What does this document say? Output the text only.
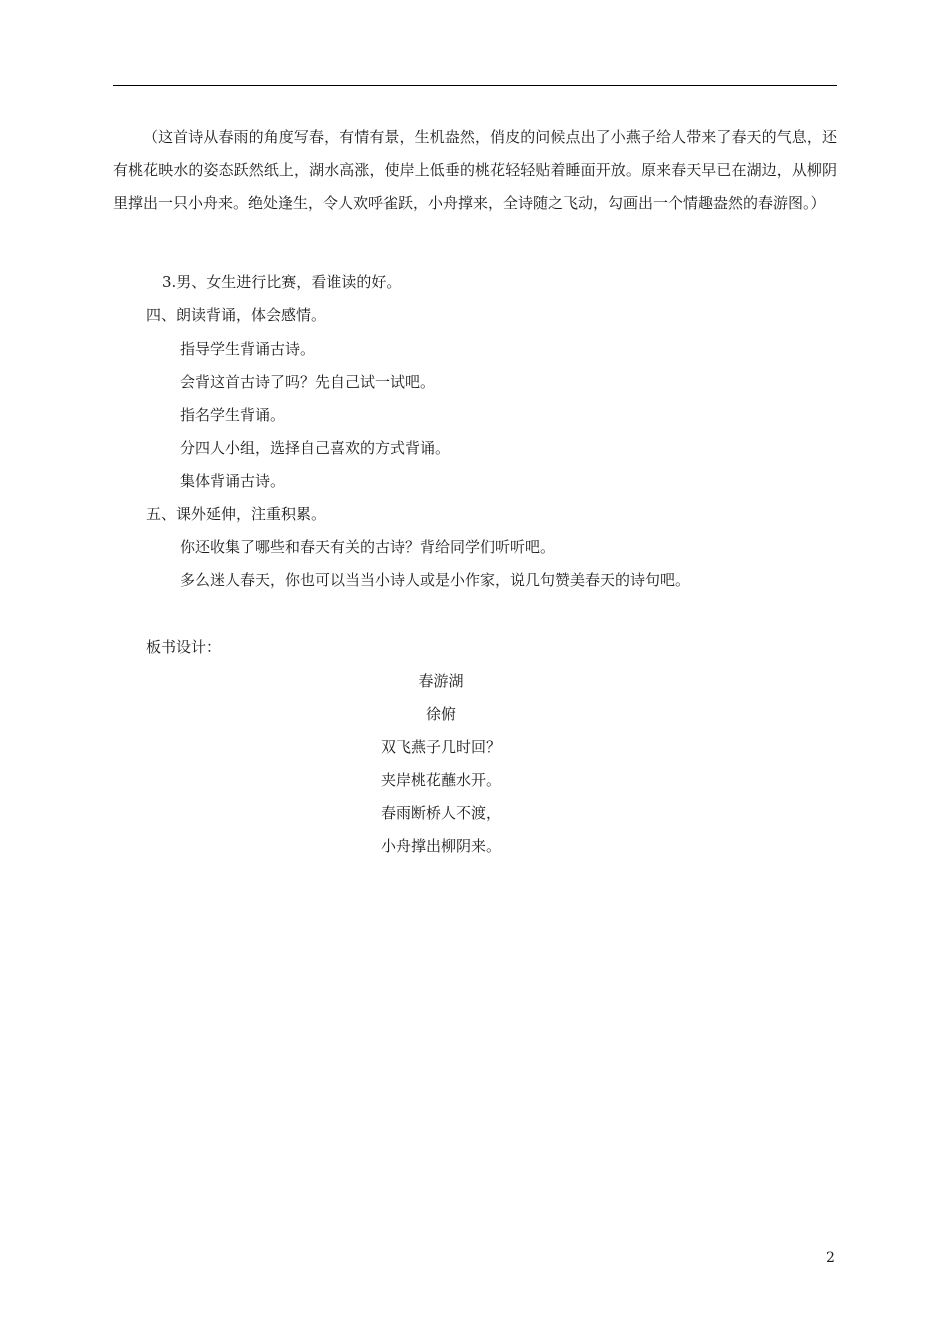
（这首诗从春雨的角度写春，有情有景，生机盎然，俏皮的问候点出了小燕子给人带来了春天的气息，还有桃花映水的姿态跃然纸上，湖水高涨，使岸上低垂的桃花轻轻贴着睡面开放。原来春天早已在湖边，从柳阴里撑出一只小舟来。绝处逢生，令人欢呼雀跃，小舟撑来，全诗随之飞动，勾画出一个情趣盎然的春游图。）

3.男、女生进行比赛，看谁读的好。
四、朗读背诵，体会感情。
指导学生背诵古诗。
会背这首古诗了吗？先自己试一试吧。
指名学生背诵。
分四人小组，选择自己喜欢的方式背诵。
集体背诵古诗。
五、课外延伸，注重积累。
你还收集了哪些和春天有关的古诗？背给同学们听听吧。
多么迷人春天，你也可以当当小诗人或是小作家，说几句赞美春天的诗句吧。
板书设计：
春游湖
徐俯
双飞燕子几时回？
夹岸桃花蘸水开。
春雨断桥人不渡，
小舟撑出柳阴来。
2
